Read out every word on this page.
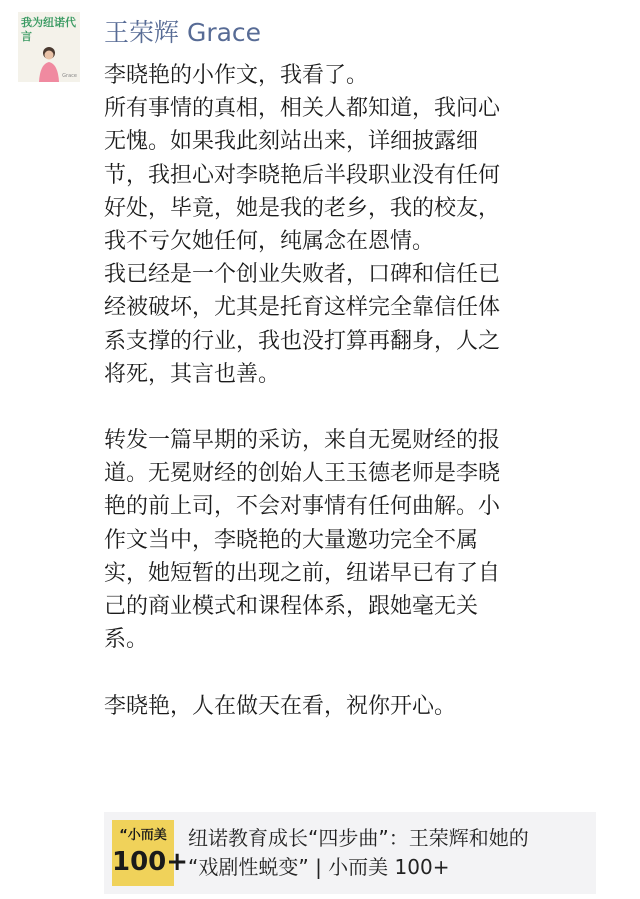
我为纽诺代言
Grace
王荣辉 Grace
李晓艳的小作文，我看了。
所有事情的真相，相关人都知道，我问心
无愧。如果我此刻站出来，详细披露细
节，我担心对李晓艳后半段职业没有任何
好处，毕竟，她是我的老乡，我的校友，
我不亏欠她任何，纯属念在恩情。
我已经是一个创业失败者，口碑和信任已
经被破坏，尤其是托育这样完全靠信任体
系支撑的行业，我也没打算再翻身，人之
将死，其言也善。
转发一篇早期的采访，来自无冕财经的报
道。无冕财经的创始人王玉德老师是李晓
艳的前上司，不会对事情有任何曲解。小
作文当中，李晓艳的大量邀功完全不属
实，她短暂的出现之前，纽诺早已有了自
己的商业模式和课程体系，跟她毫无关
系。
李晓艳，人在做天在看，祝你开心。
“小而美
100+
纽诺教育成长“四步曲”：王荣辉和她的
“戏剧性蜕变” | 小而美 100+
